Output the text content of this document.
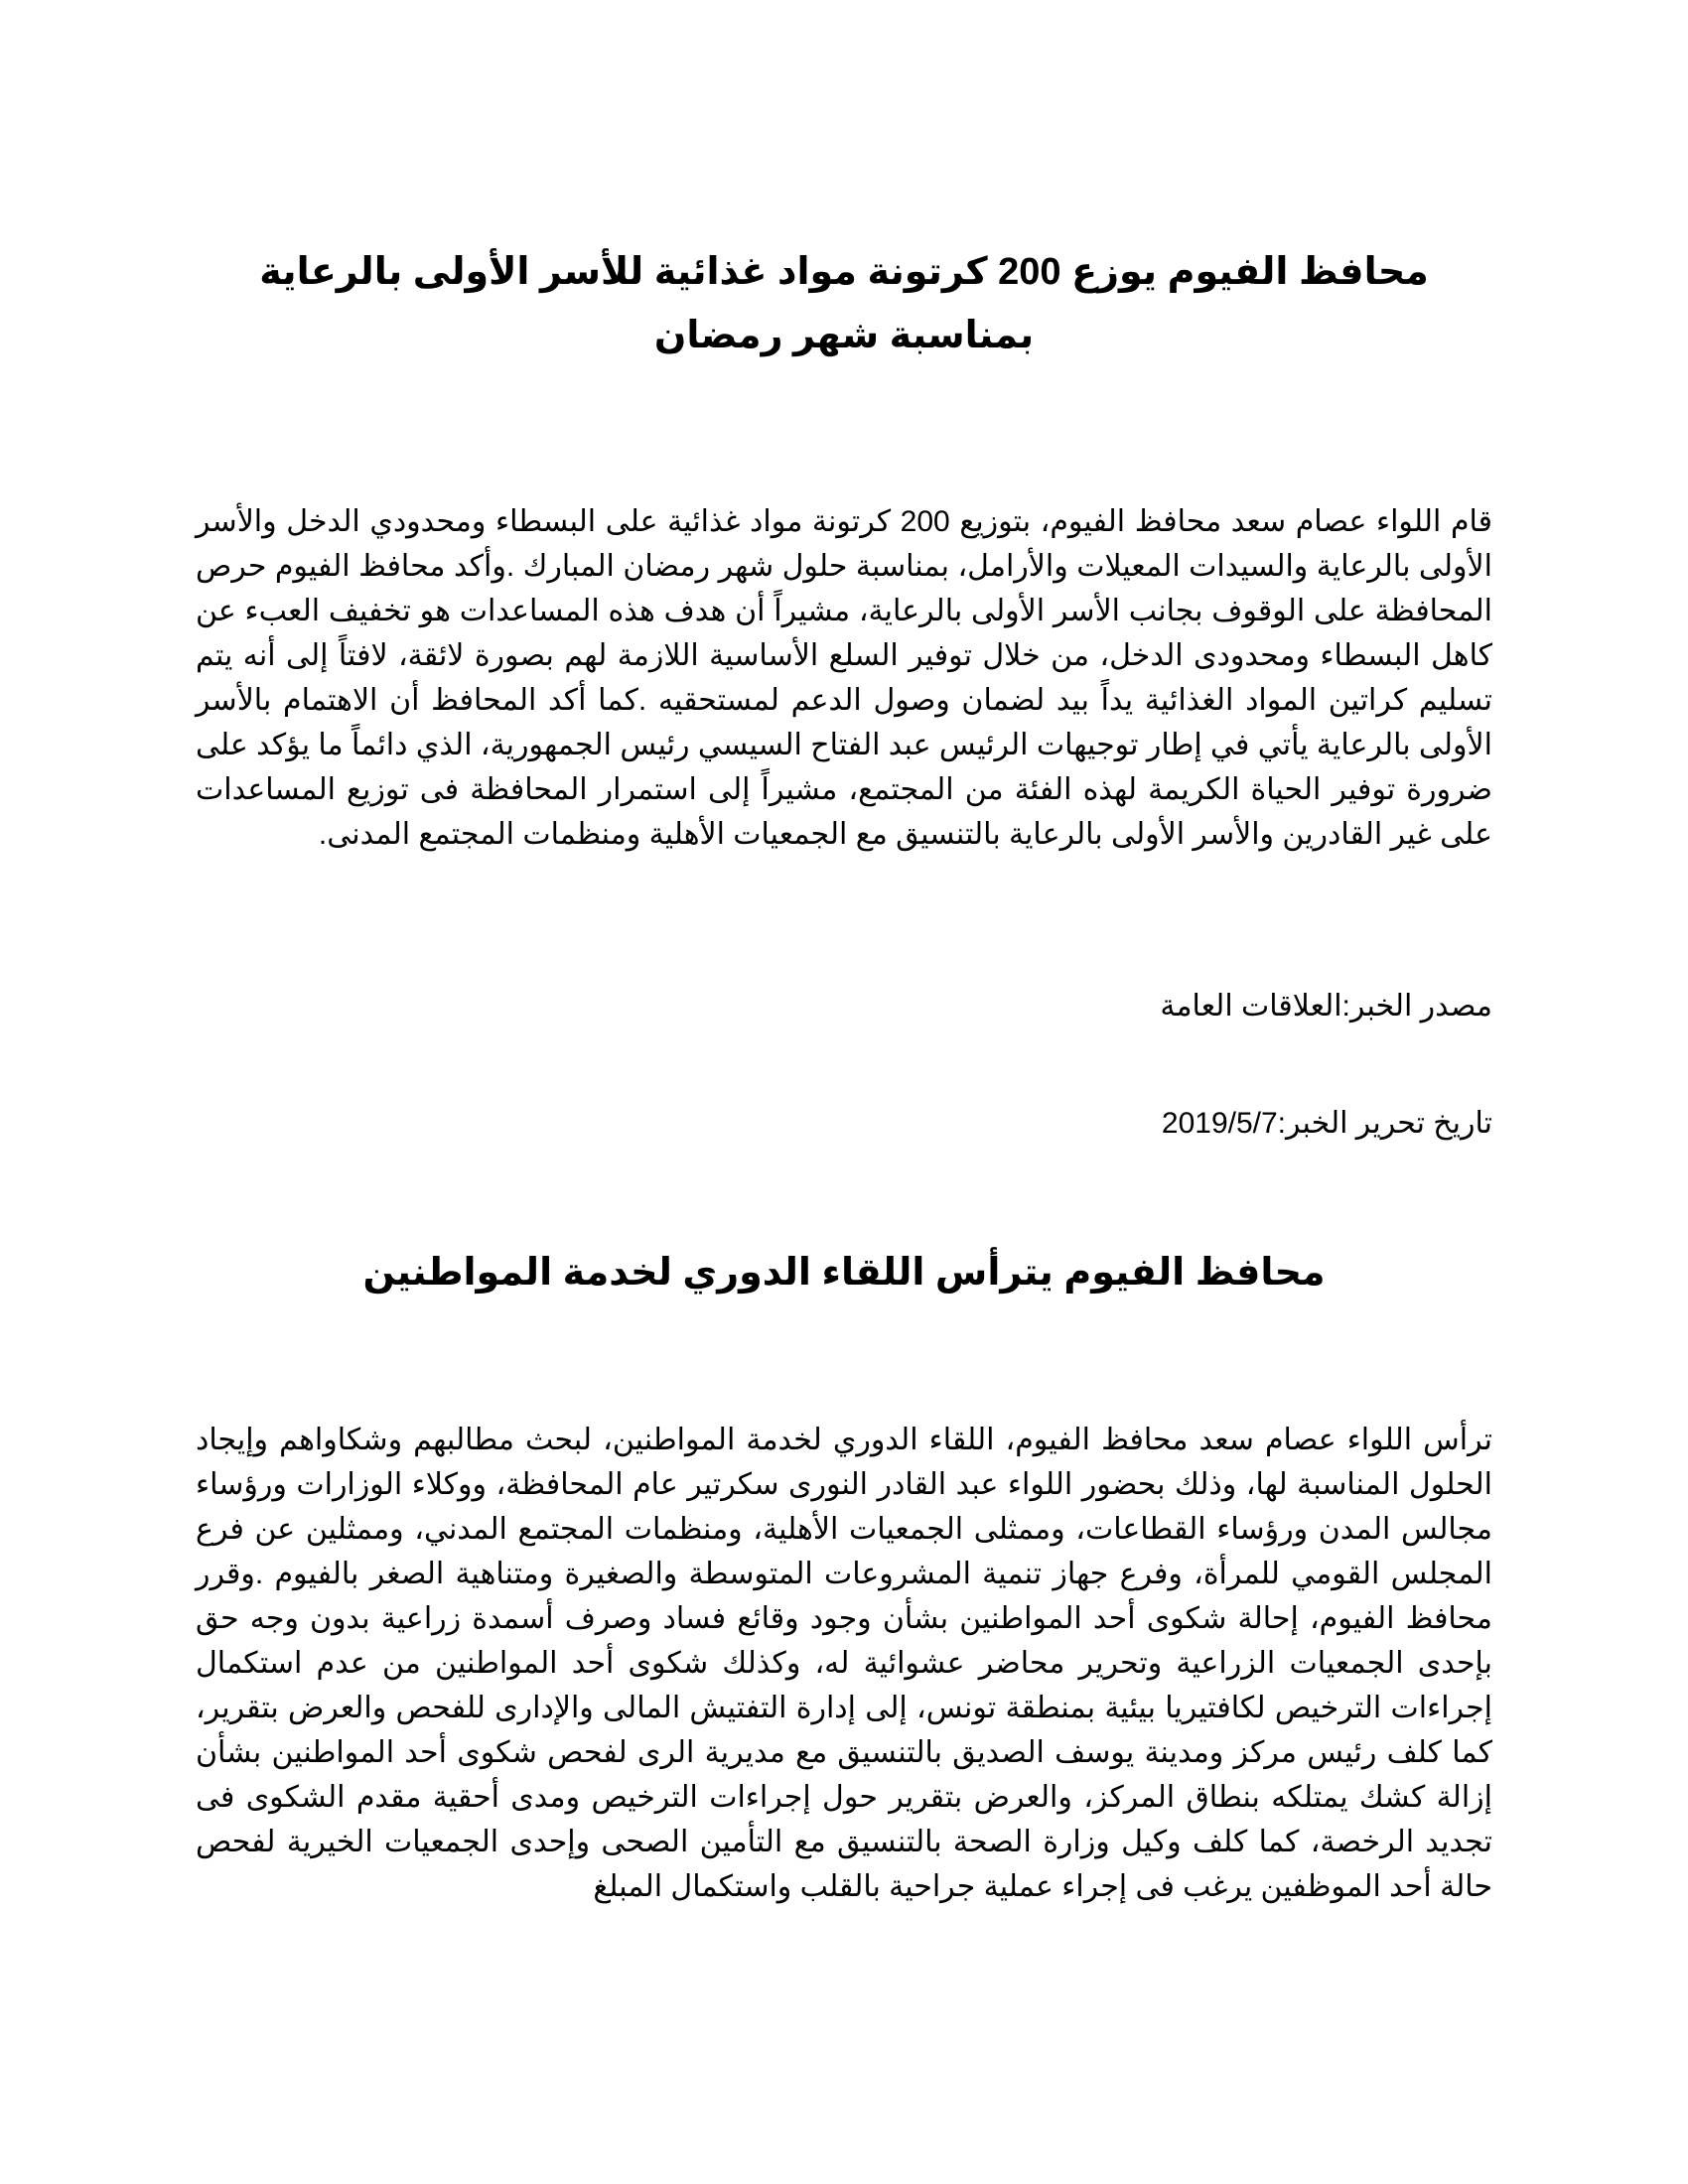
محافظ الفيوم يوزع 200 كرتونة مواد غذائية للأسر الأولى بالرعاية بمناسبة شهر رمضان

قام اللواء عصام سعد محافظ الفيوم، بتوزيع 200 كرتونة مواد غذائية على البسطاء ومحدودي الدخل والأسر الأولى بالرعاية والسيدات المعيلات والأرامل، بمناسبة حلول شهر رمضان المبارك .وأكد محافظ الفيوم حرص المحافظة على الوقوف بجانب الأسر الأولى بالرعاية، مشيراً أن هدف هذه المساعدات هو تخفيف العبء عن كاهل البسطاء ومحدودى الدخل، من خلال توفير السلع الأساسية اللازمة لهم بصورة لائقة، لافتاً إلى أنه يتم تسليم كراتين المواد الغذائية يداً بيد لضمان وصول الدعم لمستحقيه .كما أكد المحافظ أن الاهتمام بالأسر الأولى بالرعاية يأتي في إطار توجيهات الرئيس عبد الفتاح السيسي رئيس الجمهورية، الذي دائماً ما يؤكد على ضرورة توفير الحياة الكريمة لهذه الفئة من المجتمع، مشيراً إلى استمرار المحافظة فى توزيع المساعدات على غير القادرين والأسر الأولى بالرعاية بالتنسيق مع الجمعيات الأهلية ومنظمات المجتمع المدنى.

مصدر الخبر:العلاقات العامة

تاريخ تحرير الخبر:2019/5/7

محافظ الفيوم يترأس اللقاء الدوري لخدمة المواطنين

ترأس اللواء عصام سعد محافظ الفيوم، اللقاء الدوري لخدمة المواطنين، لبحث مطالبهم وشكاواهم وإيجاد الحلول المناسبة لها، وذلك بحضور اللواء عبد القادر النورى سكرتير عام المحافظة، ووكلاء الوزارات ورؤساء مجالس المدن ورؤساء القطاعات، وممثلى الجمعيات الأهلية، ومنظمات المجتمع المدني، وممثلين عن فرع المجلس القومي للمرأة، وفرع جهاز تنمية المشروعات المتوسطة والصغيرة ومتناهية الصغر بالفيوم .وقرر محافظ الفيوم، إحالة شكوى أحد المواطنين بشأن وجود وقائع فساد وصرف أسمدة زراعية بدون وجه حق بإحدى الجمعيات الزراعية وتحرير محاضر عشوائية له، وكذلك شكوى أحد المواطنين من عدم استكمال إجراءات الترخيص لكافتيريا بيئية بمنطقة تونس، إلى إدارة التفتيش المالى والإدارى للفحص والعرض بتقرير، كما كلف رئيس مركز ومدينة يوسف الصديق بالتنسيق مع مديرية الرى لفحص شكوى أحد المواطنين بشأن إزالة كشك يمتلكه بنطاق المركز، والعرض بتقرير حول إجراءات الترخيص ومدى أحقية مقدم الشكوى فى تجديد الرخصة، كما كلف وكيل وزارة الصحة بالتنسيق مع التأمين الصحى وإحدى الجمعيات الخيرية لفحص حالة أحد الموظفين يرغب فى إجراء عملية جراحية بالقلب واستكمال المبلغ
